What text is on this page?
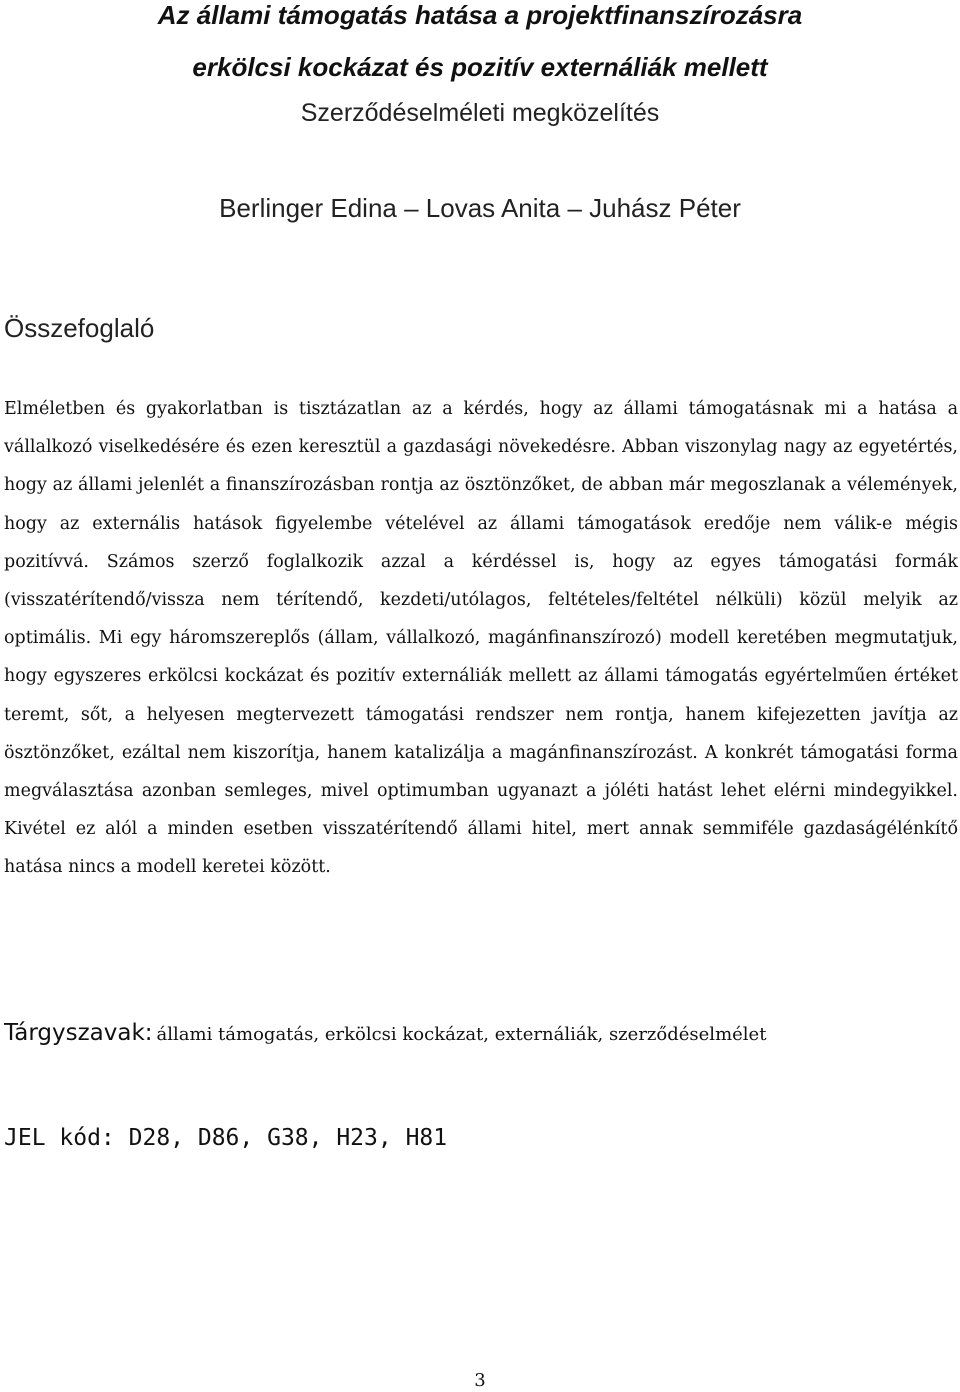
Az állami támogatás hatása a projektfinanszírozásra
erkölcsi kockázat és pozitív externáliák mellett
Szerződéselméleti megközelítés
Berlinger Edina – Lovas Anita – Juhász Péter
Összefoglaló

Elméletben és gyakorlatban is tisztázatlan az a kérdés, hogy az állami támogatásnak mi a hatása a vállalkozó viselkedésére és ezen keresztül a gazdasági növekedésre. Abban viszonylag nagy az egyetértés, hogy az állami jelenlét a finanszírozásban rontja az ösztönzőket, de abban már megoszlanak a vélemények, hogy az externális hatások figyelembe vételével az állami támogatások eredője nem válik-e mégis pozitívvá. Számos szerző foglalkozik azzal a kérdéssel is, hogy az egyes támogatási formák (visszatérítendő/vissza nem térítendő, kezdeti/utólagos, feltételes/feltétel nélküli) közül melyik az optimális. Mi egy háromszereplős (állam, vállalkozó, magánfinanszírozó) modell keretében megmutatjuk, hogy egyszeres erkölcsi kockázat és pozitív externáliák mellett az állami támogatás egyértelműen értéket teremt, sőt, a helyesen megtervezett támogatási rendszer nem rontja, hanem kifejezetten javítja az ösztönzőket, ezáltal nem kiszorítja, hanem katalizálja a magánfinanszírozást. A konkrét támogatási forma megválasztása azonban semleges, mivel optimumban ugyanazt a jóléti hatást lehet elérni mindegyikkel. Kivétel ez alól a minden esetben visszatérítendő állami hitel, mert annak semmiféle gazdaságélénkítő hatása nincs a modell keretei között.

Tárgyszavak: állami támogatás, erkölcsi kockázat, externáliák, szerződéselmélet
JEL kód: D28, D86, G38, H23, H81
3
